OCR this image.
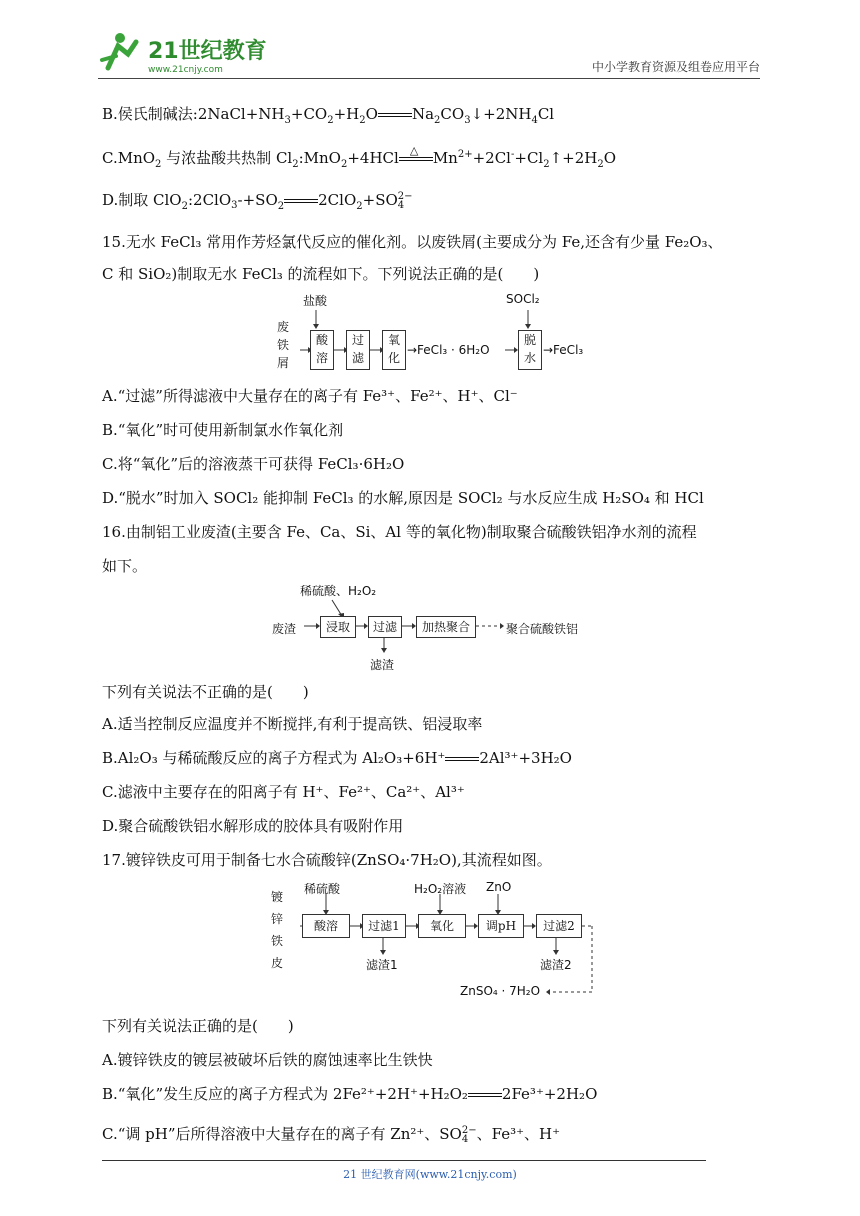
21世纪教育
www.21cnjy.com	中小学教育资源及组卷应用平台
B.侯氏制碱法$:2NaCl+NH_3+CO_2+H_2O$ $Na_2CO_3↓+2NH_4Cl$
C.MnO$_2$ 与浓盐酸共热制 $Cl_2:MnO_2+4HCl$ △ $Mn^{2+}+2Cl^-+Cl_2↑+2H_2O$
D.制取 ClO$_2$:2ClO
$3-+SO_2$ 2ClO$_2$+SO2−
4
15.无水 FeCl₃ 常用作芳烃氯代反应的催化剂。以废铁屑(主要成分为 Fe,还含有少量 Fe₂O₃、
C 和 SiO₂)制取无水 FeCl₃ 的流程如下。下列说法正确的是(　　)
废
铁
屑
盐酸
酸
溶
过
滤
氧
化
→FeCl₃ · 6H₂O
SOCl₂
脱
水
→FeCl₃
A.“过滤”所得滤液中大量存在的离子有 Fe³⁺、Fe²⁺、H⁺、Cl⁻
B.“氧化”时可使用新制氯水作氧化剂
C.将“氧化”后的溶液蒸干可获得 FeCl₃·6H₂O
D.“脱水”时加入 SOCl₂ 能抑制 FeCl₃ 的水解,原因是 SOCl₂ 与水反应生成 H₂SO₄ 和 HCl
16.由制铝工业废渣(主要含 Fe、Ca、Si、Al 等的氧化物)制取聚合硫酸铁铝净水剂的流程
如下。
稀硫酸、H₂O₂
废渣	浸取	过滤	加热聚合	聚合硫酸铁铝
滤渣
下列有关说法不正确的是(　　)
A.适当控制反应温度并不断搅拌,有利于提高铁、铝浸取率
B.Al₂O₃ 与稀硫酸反应的离子方程式为 Al₂O₃+6H⁺ 2Al³⁺+3H₂O
C.滤液中主要存在的阳离子有 H⁺、Fe²⁺、Ca²⁺、Al³⁺
D.聚合硫酸铁铝水解形成的胶体具有吸附作用
17.镀锌铁皮可用于制备七水合硫酸锌(ZnSO₄·7H₂O),其流程如图。
镀
锌
铁
皮
稀硫酸	H₂O₂溶液 ZnO
酸溶	过滤1	氧化	调pH	过滤2
滤渣1	滤渣2
ZnSO₄ · 7H₂O
下列有关说法正确的是(　　)
A.镀锌铁皮的镀层被破坏后铁的腐蚀速率比生铁快
B.“氧化”发生反应的离子方程式为 2Fe²⁺+2H⁺+H₂O₂ 2Fe³⁺+2H₂O
C.“调 pH”后所得溶液中大量存在的离子有 Zn²⁺、SO2−
4 、Fe³⁺、H⁺
21 世纪教育网(www.21cnjy.com)
